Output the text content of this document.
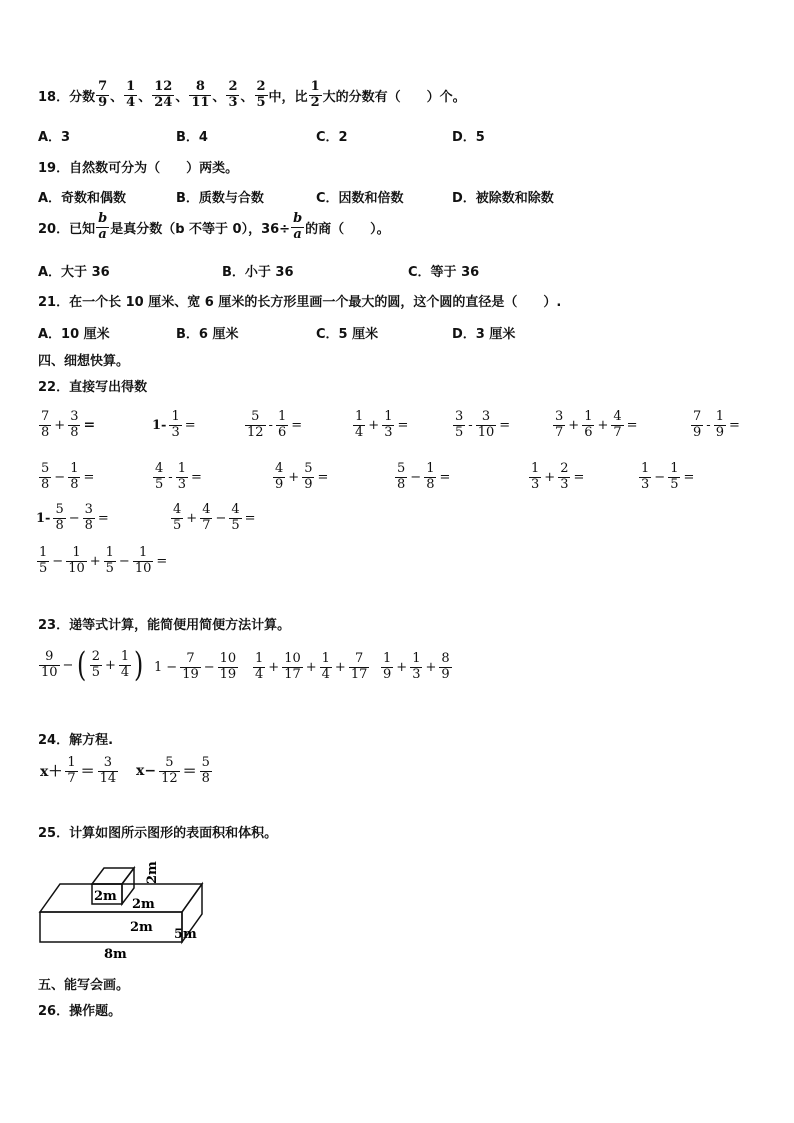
18．分数 $\frac{7}{9}$ 、 $\frac{1}{4}$ 、 $\frac{12}{24}$ 、 $\frac{8}{11}$ 、 $\frac{2}{3}$ 、 $\frac{2}{5}$ 中，比 $\frac{1}{2}$ 大的分数有（　　）个。
A．3	B．4	C．2	D．5
19．自然数可分为（　　）两类。
A．奇数和偶数	B．质数与合数	C．因数和倍数	D．被除数和除数
20．已知 $\frac{b}{a}$ 是真分数（b 不等于 0），$36\div \frac{b}{a}$ 的商（　　）。
A．大于 36	B．小于 36	C．等于 36
21．在一个长 10 厘米、宽 6 厘米的长方形里画一个最大的圆，这个圆的直径是（　　）.
A．10 厘米	B．6 厘米	C．5 厘米	D．3 厘米
四、细想快算。
22．直接写出得数
$\frac{7}{8} + \frac{3}{8}$ =	$1- \frac{1}{3}$ =	$\frac{5}{12} - \frac{1}{6}$ =	$\frac{1}{4} + \frac{1}{3}$ =	$\frac{3}{5} - \frac{3}{10}$ =	$\frac{3}{7} + \frac{1}{6} + \frac{4}{7}$ =	$\frac{7}{9} - \frac{1}{9}$ =
$\frac{5}{8} - \frac{1}{8}$ =	$\frac{4}{5} - \frac{1}{3}$ =	$\frac{4}{9} + \frac{5}{9}$ =	$\frac{5}{8} - \frac{1}{8}$ =	$\frac{1}{3} + \frac{2}{3}$ =	$\frac{1}{3} - \frac{1}{5}$ =
$1- \frac{5}{8} - \frac{3}{8}$ =	$\frac{4}{5} + \frac{4}{7} - \frac{4}{5}$ =
$\frac{1}{5} - \frac{1}{10} + \frac{1}{5} - \frac{1}{10}$ =
23．递等式计算，能简便用简便方法计算。
$\frac{9}{10}$ − ( $\frac{2}{5} + \frac{1}{4}$ ) $1 - \frac{7}{19} - \frac{10}{19} \frac{1}{4} + \frac{10}{17} + \frac{1}{4} + \frac{7}{17} \frac{1}{9} + \frac{1}{3} + \frac{8}{9}$
24．解方程.
$x+ \frac{1}{7} = \frac{3}{14} x- \frac{5}{12} = \frac{5}{8}$
25．计算如图所示图形的表面积和体积。
2m
2m
2m
2m 5m
8m
五、能写会画。
26．操作题。
